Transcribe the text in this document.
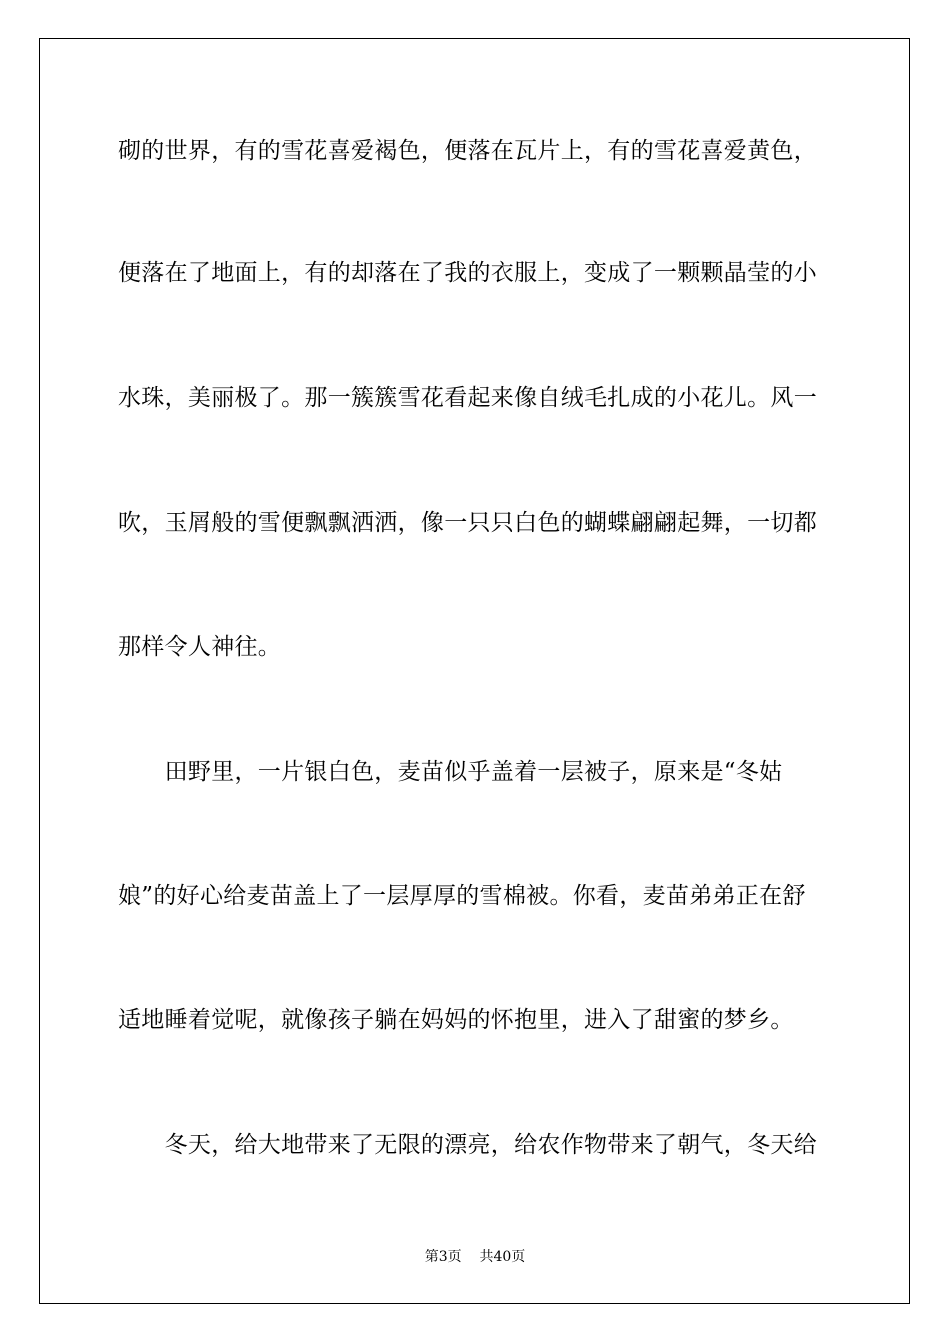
砌的世界，有的雪花喜爱褐色，便落在瓦片上，有的雪花喜爱黄色，
便落在了地面上，有的却落在了我的衣服上，变成了一颗颗晶莹的小
水珠，美丽极了。那一簇簇雪花看起来像自绒毛扎成的小花儿。风一
吹，玉屑般的雪便飘飘洒洒，像一只只白色的蝴蝶翩翩起舞，一切都
那样令人神往。
　　田野里，一片银白色，麦苗似乎盖着一层被子，原来是“冬姑
娘”的好心给麦苗盖上了一层厚厚的雪棉被。你看，麦苗弟弟正在舒
适地睡着觉呢，就像孩子躺在妈妈的怀抱里，进入了甜蜜的梦乡。
　　冬天，给大地带来了无限的漂亮，给农作物带来了朝气，冬天给
第3页 共40页
